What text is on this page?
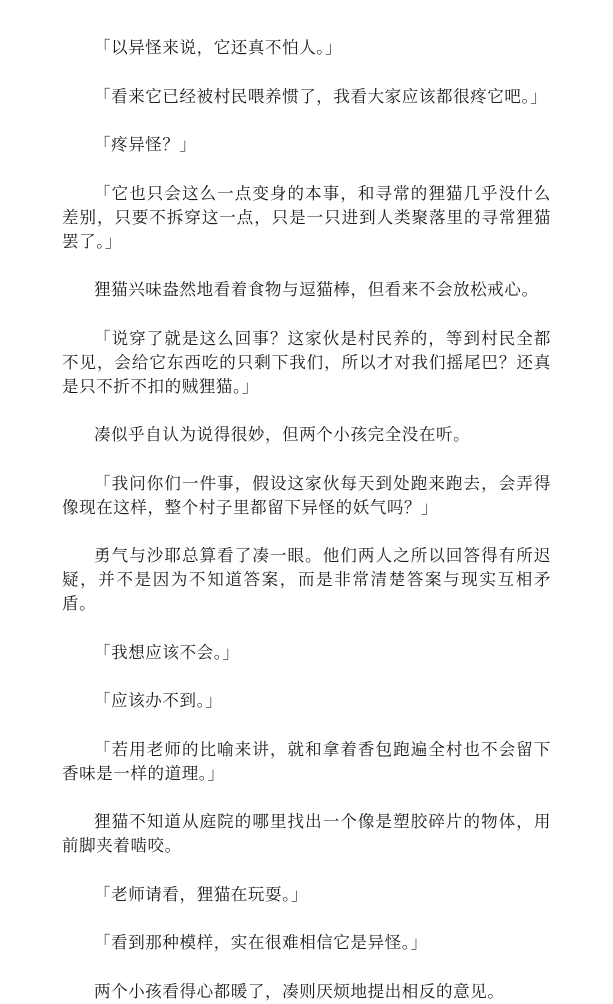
「以异怪来说，它还真不怕人。」

「看来它已经被村民喂养惯了，我看大家应该都很疼它吧。」

「疼异怪？」

「它也只会这么一点变身的本事，和寻常的狸猫几乎没什么差别，只要不拆穿这一点，只是一只进到人类聚落里的寻常狸猫罢了。」

狸猫兴味盎然地看着食物与逗猫棒，但看来不会放松戒心。

「说穿了就是这么回事？这家伙是村民养的，等到村民全都不见，会给它东西吃的只剩下我们，所以才对我们摇尾巴？还真是只不折不扣的贼狸猫。」

凑似乎自认为说得很妙，但两个小孩完全没在听。

「我问你们一件事，假设这家伙每天到处跑来跑去，会弄得像现在这样，整个村子里都留下异怪的妖气吗？」

勇气与沙耶总算看了凑一眼。他们两人之所以回答得有所迟疑，并不是因为不知道答案，而是非常清楚答案与现实互相矛盾。

「我想应该不会。」

「应该办不到。」

「若用老师的比喻来讲，就和拿着香包跑遍全村也不会留下香味是一样的道理。」

狸猫不知道从庭院的哪里找出一个像是塑胶碎片的物体，用前脚夹着啮咬。

「老师请看，狸猫在玩耍。」

「看到那种模样，实在很难相信它是异怪。」

两个小孩看得心都暖了，凑则厌烦地提出相反的意见。
